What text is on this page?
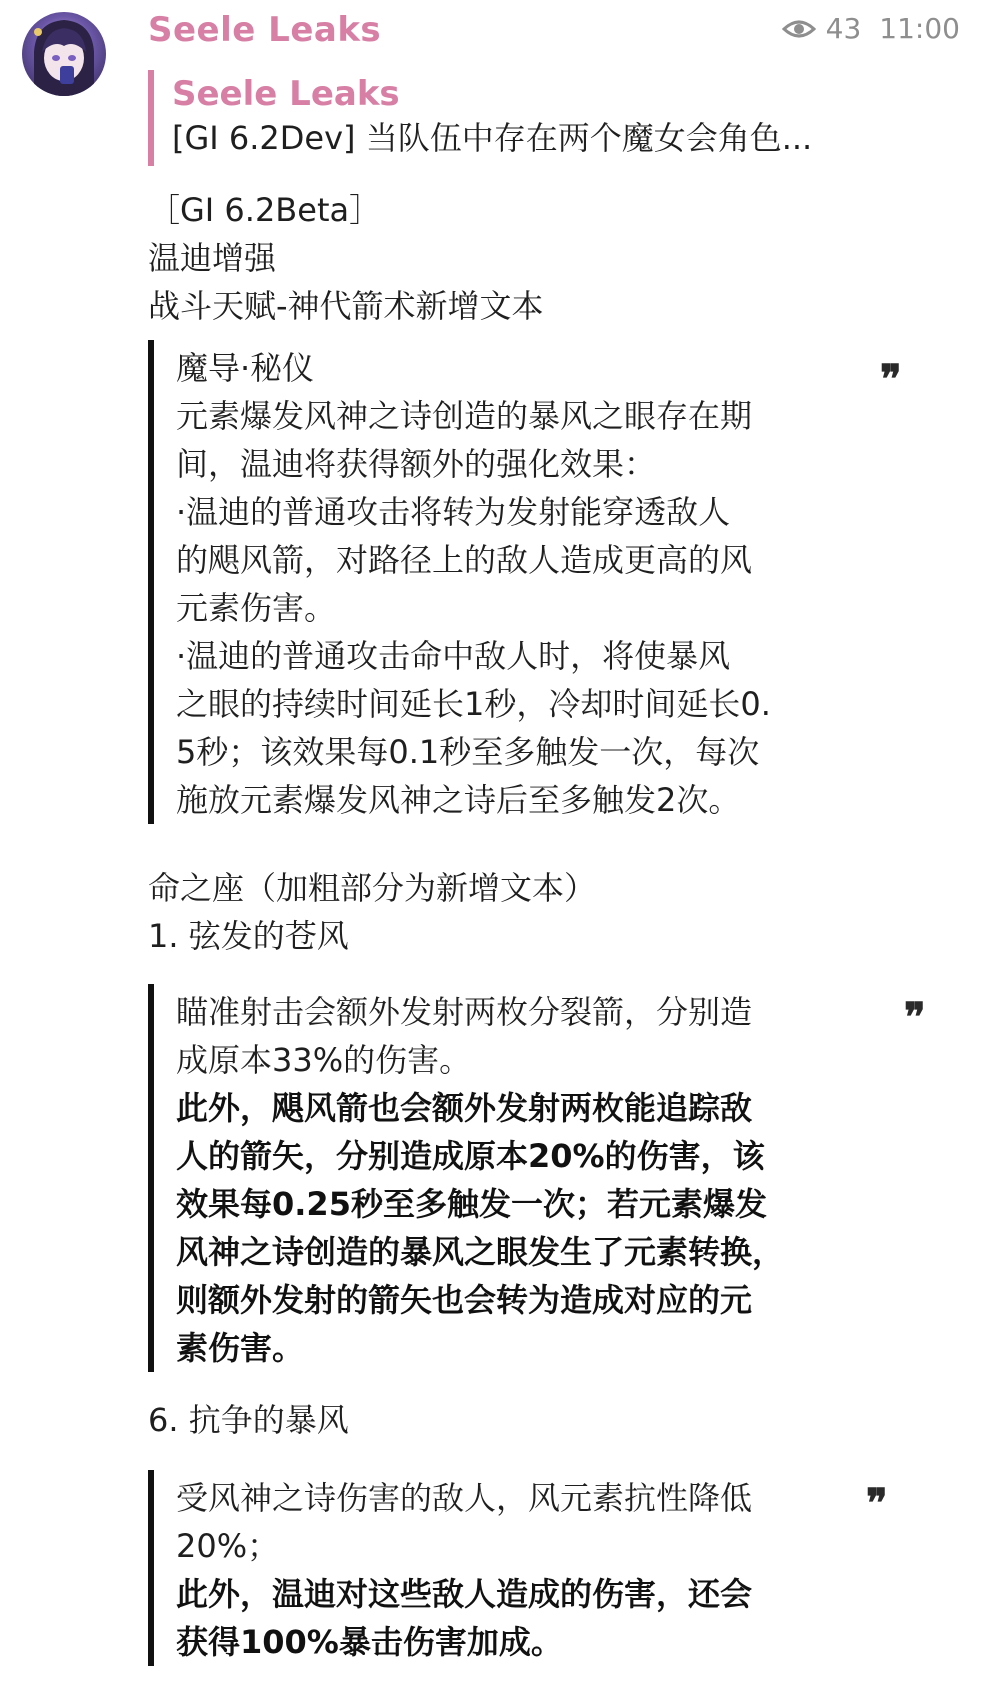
Seele Leaks	43 11:00
Seele Leaks
[GI 6.2Dev] 当队伍中存在两个魔女会角色...
［GI 6.2Beta］
温迪增强
战斗天赋-神代箭术新增文本
魔导·秘仪
元素爆发风神之诗创造的暴风之眼存在期
间，温迪将获得额外的强化效果：
·温迪的普通攻击将转为发射能穿透敌人
的飓风箭，对路径上的敌人造成更高的风
元素伤害。
·温迪的普通攻击命中敌人时，将使暴风
之眼的持续时间延长1秒，冷却时间延长0.
5秒；该效果每0.1秒至多触发一次，每次
施放元素爆发风神之诗后至多触发2次。
❞
命之座（加粗部分为新增文本）
1. 弦发的苍风
瞄准射击会额外发射两枚分裂箭，分别造
成原本33%的伤害。
此外，飓风箭也会额外发射两枚能追踪敌
人的箭矢，分别造成原本20%的伤害，该
效果每0.25秒至多触发一次；若元素爆发
风神之诗创造的暴风之眼发生了元素转换，
则额外发射的箭矢也会转为造成对应的元
素伤害。
❞
6. 抗争的暴风
受风神之诗伤害的敌人，风元素抗性降低
20%；
此外，温迪对这些敌人造成的伤害，还会
获得100%暴击伤害加成。
❞
